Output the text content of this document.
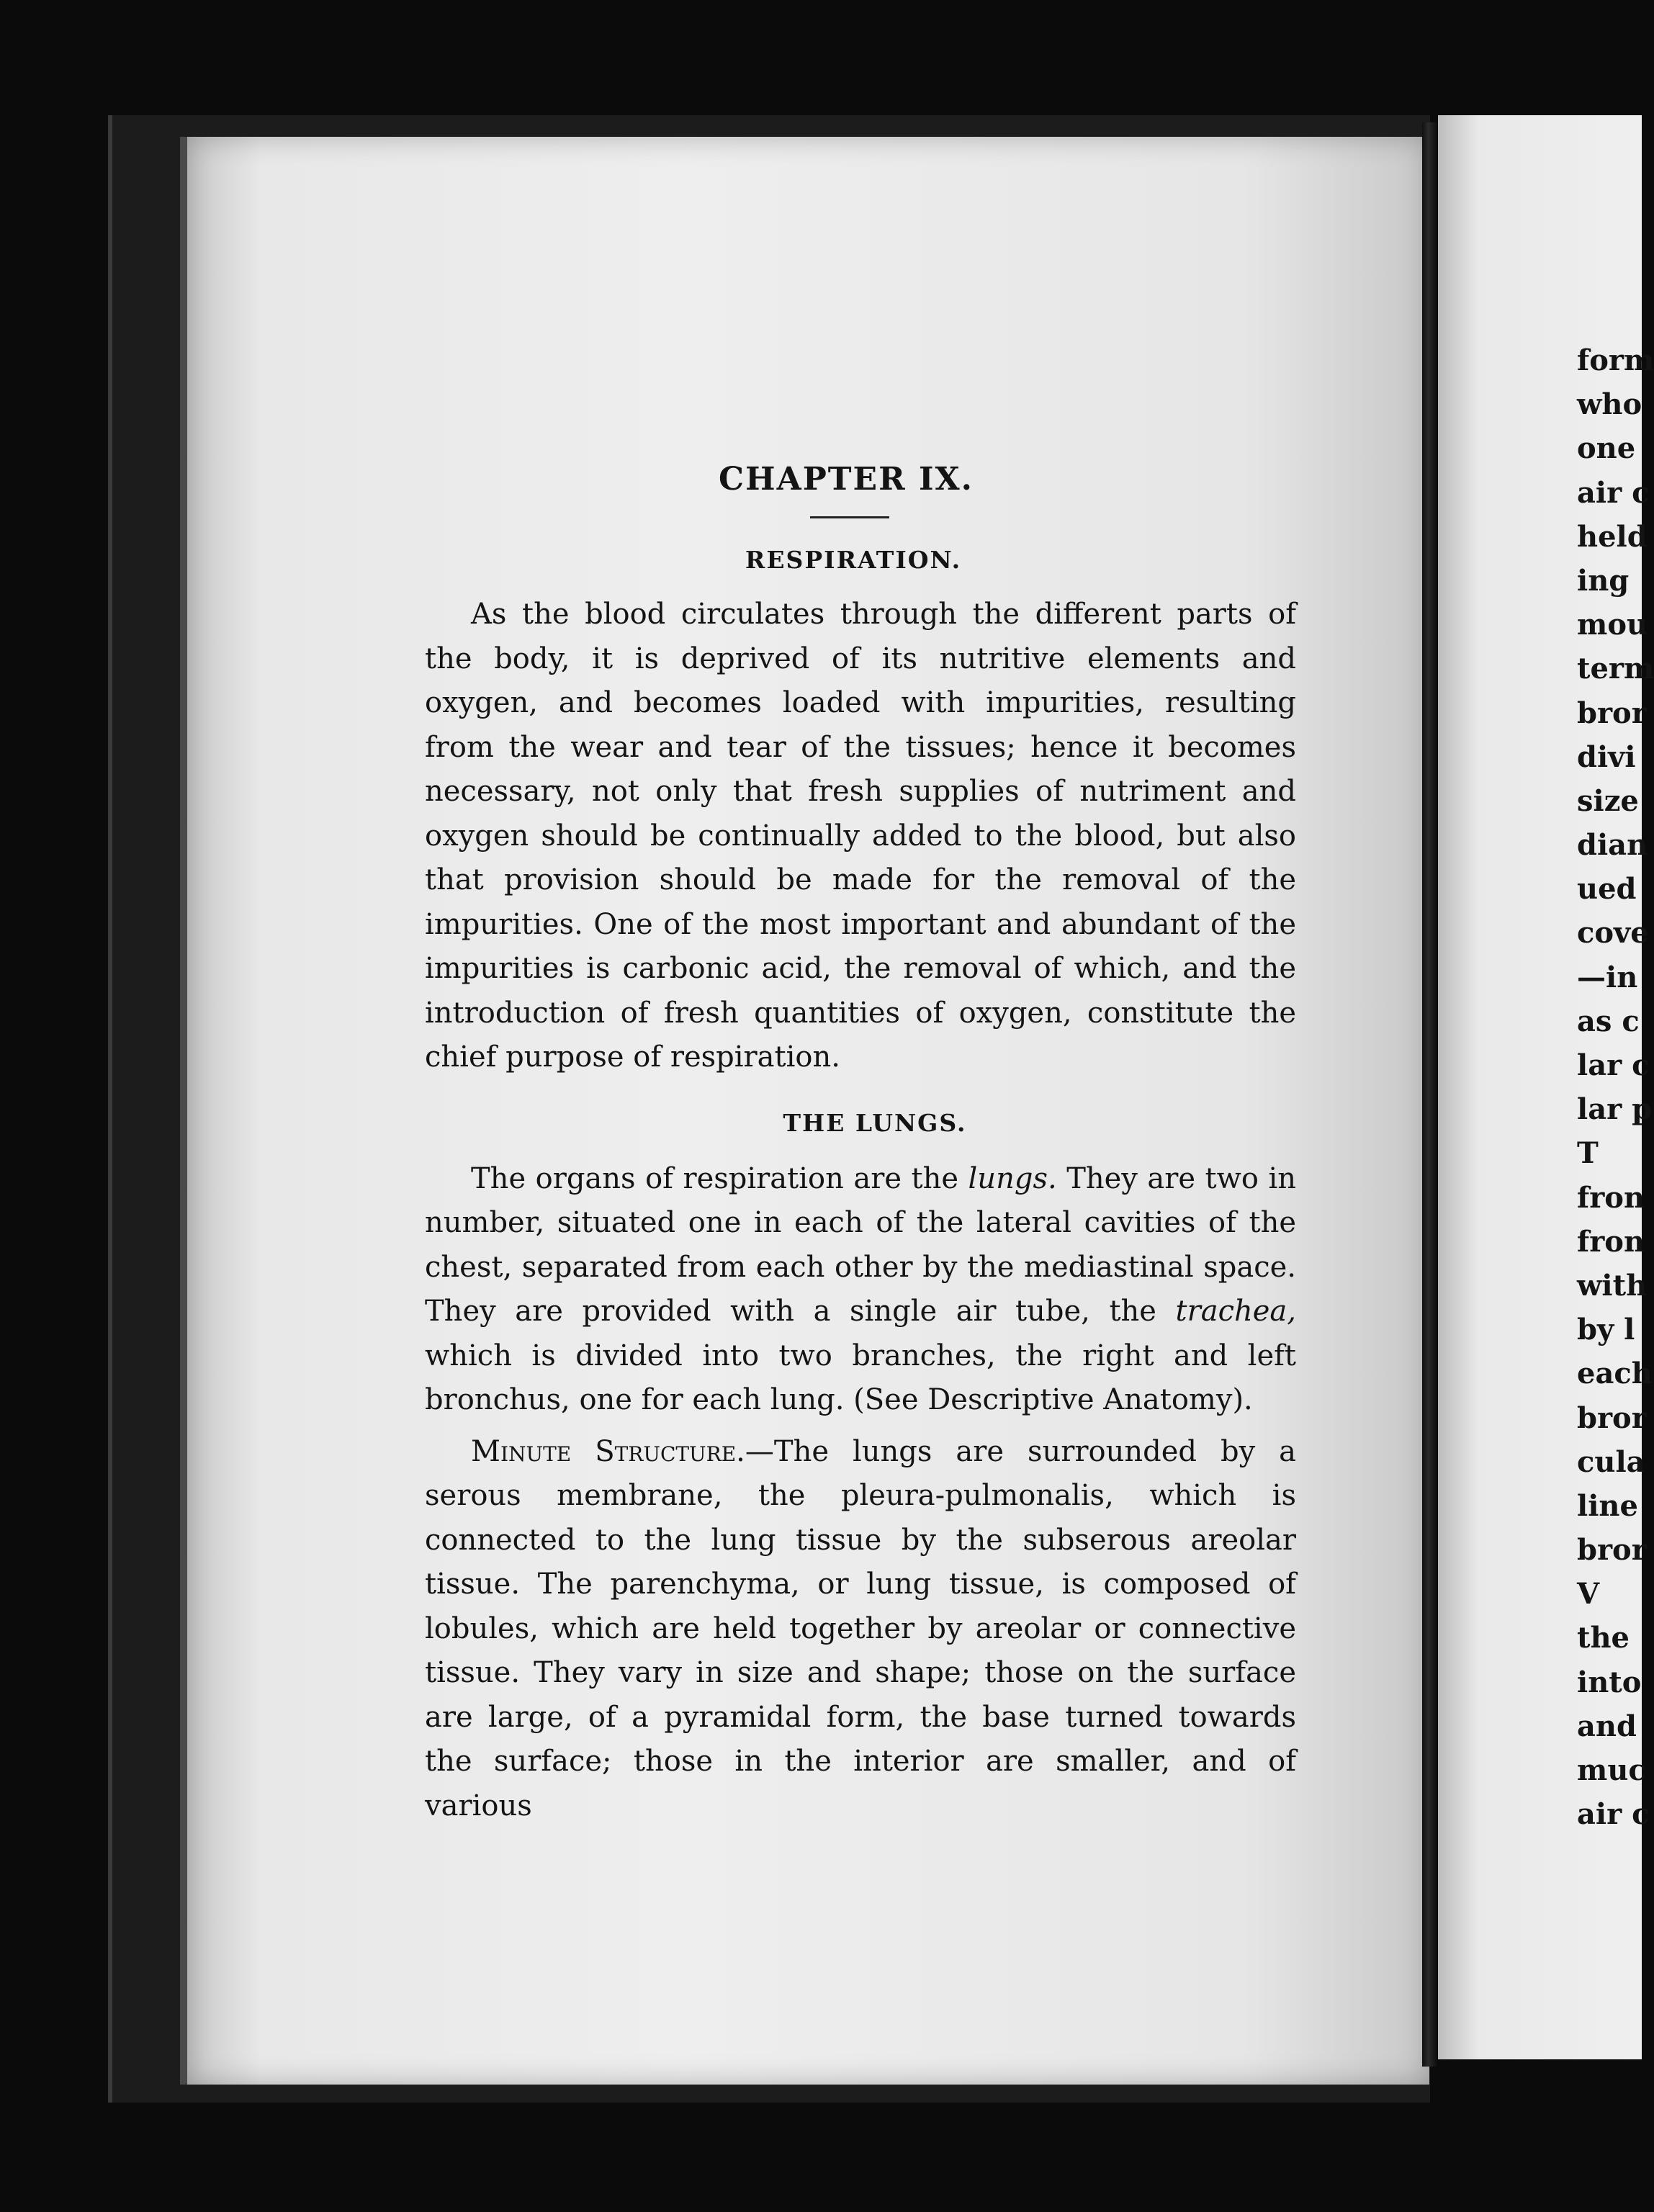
CHAPTER IX.
RESPIRATION.

As the blood circulates through the different parts of the body, it is deprived of its nutritive elements and oxygen, and becomes loaded with impurities, resulting from the wear and tear of the tissues; hence it becomes necessary, not only that fresh supplies of nutriment and oxygen should be continually added to the blood, but also that provision should be made for the removal of the impurities. One of the most important and abundant of the impurities is carbonic acid, the removal of which, and the introduction of fresh quantities of oxygen, constitute the chief purpose of respiration.

THE LUNGS.

The organs of respiration are the lungs. They are two in number, situated one in each of the lateral cavities of the chest, separated from each other by the mediastinal space. They are provided with a single air tube, the trachea, which is divided into two branches, the right and left bronchus, one for each lung. (See Descriptive Anatomy).

Minute Structure.—The lungs are surrounded by a serous membrane, the pleura-pulmonalis, which is connected to the lung tissue by the subserous areolar tissue. The parenchyma, or lung tissue, is composed of lobules, which are held together by areolar or connective tissue. They vary in size and shape; those on the surface are large, of a pyramidal form, the base turned towards the surface; those in the interior are smaller, and of various

form
who
one
air c
held
ing
mou
term
bror
divi
size
dian
ued
cove
—in
as c
lar c
lar p
T
fron
fron
with
by l
each
bror
cula
line
bror
V
the
into
and
muc
air c
